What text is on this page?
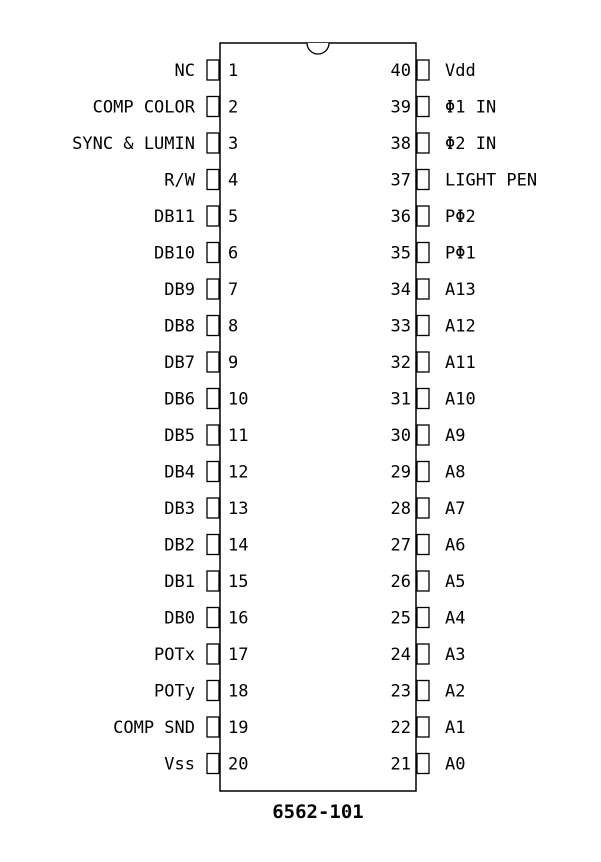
NC 1
COMP COLOR 2
SYNC & LUMIN 3
R/W 4
DB11 5
DB10 6
DB9 7
DB8 8
DB7 9
DB6 10
DB5 11
DB4 12
DB3 13
DB2 14
DB1 15
DB0 16
POTx 17
POTy 18
COMP SND 19
Vss 20
Vdd
40
Φ1 IN
39
Φ2 IN
38
LIGHT PEN
37
PΦ2
36
PΦ1
35
A13
34
A12
33
A11
32
A10
31
A9
30
A8
29
A7
28
A6
27
A5
26
A4
25
A3
24
A2
23
A1
22
A0
21
6562-101
